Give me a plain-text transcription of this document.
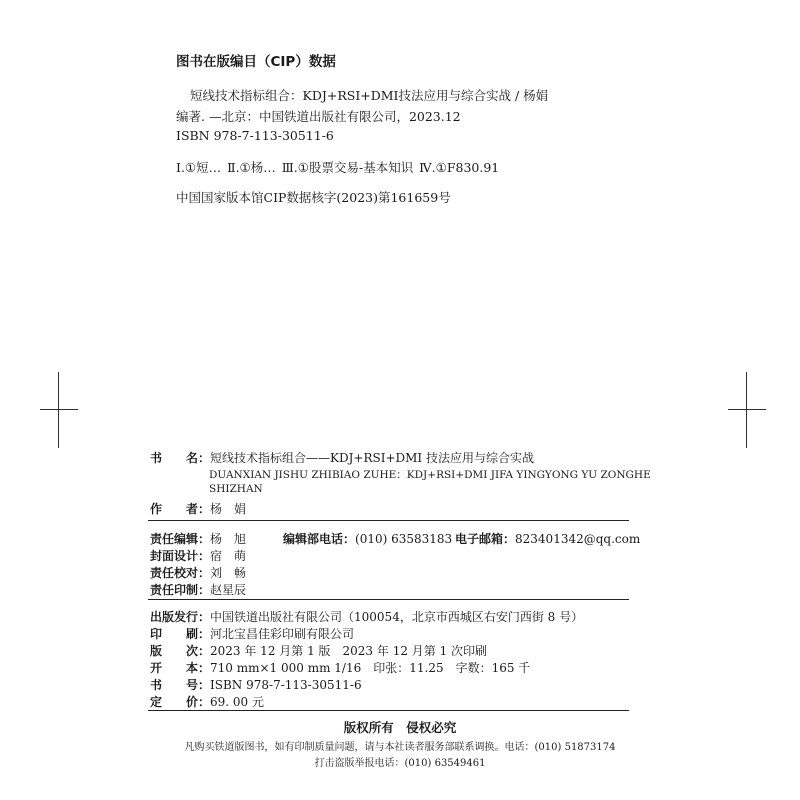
图书在版编目（CIP）数据
短线技术指标组合：KDJ+RSI+DMI技法应用与综合实战 / 杨娟
编著. —北京：中国铁道出版社有限公司，2023.12
ISBN 978-7-113-30511-6
Ⅰ.①短… Ⅱ.①杨… Ⅲ.①股票交易-基本知识 Ⅳ.①F830.91
中国国家版本馆CIP数据核字(2023)第161659号
书　　名：短线技术指标组合——KDJ+RSI+DMI 技法应用与综合实战
DUANXIAN JISHU ZHIBIAO ZUHE：KDJ+RSI+DMI JIFA YINGYONG YU ZONGHE
SHIZHAN
作　　者：杨　娟
责任编辑：杨　旭	编辑部电话：(010) 63583183 电子邮箱：823401342@qq.com
封面设计：宿　萌
责任校对：刘　畅
责任印制：赵星辰
出版发行：中国铁道出版社有限公司（100054，北京市西城区右安门西街 8 号）
印　　刷：河北宝昌佳彩印刷有限公司
版　　次：2023 年 12 月第 1 版　2023 年 12 月第 1 次印刷
开　　本：710 mm×1 000 mm 1/16　印张：11.25　字数：165 千
书　　号：ISBN 978-7-113-30511-6
定　　价：69. 00 元
版权所有　侵权必究
凡购买铁道版图书，如有印制质量问题，请与本社读者服务部联系调换。电话：(010) 51873174
打击盗版举报电话：(010) 63549461
